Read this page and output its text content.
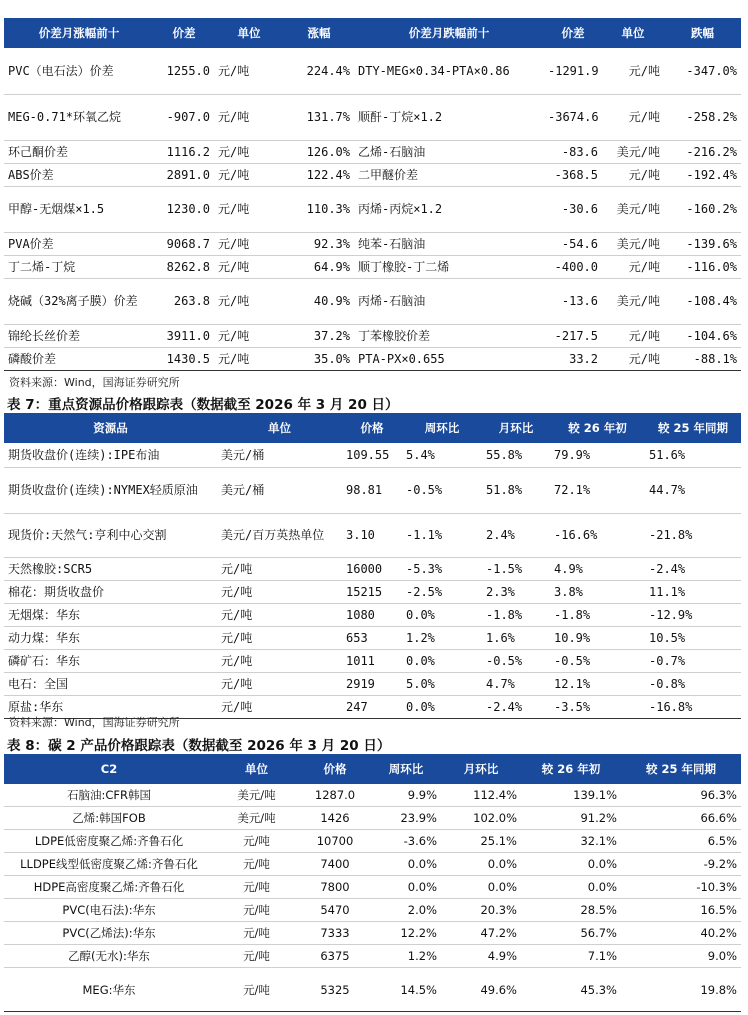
价差月涨幅前十	价差	单位	涨幅	价差月跌幅前十	价差	单位	跌幅
PVC（电石法）价差	1255.0	元/吨	224.4%	DTY-MEG×0.34-PTA×0.86	-1291.9	元/吨	-347.0%
MEG-0.71*环氧乙烷	-907.0	元/吨	131.7%	顺酐-丁烷×1.2	-3674.6	元/吨	-258.2%
环己酮价差	1116.2	元/吨	126.0%	乙烯-石脑油	-83.6	美元/吨	-216.2%
ABS价差	2891.0	元/吨	122.4%	二甲醚价差	-368.5	元/吨	-192.4%
甲醇-无烟煤×1.5	1230.0	元/吨	110.3%	丙烯-丙烷×1.2	-30.6	美元/吨	-160.2%
PVA价差	9068.7	元/吨	92.3%	纯苯-石脑油	-54.6	美元/吨	-139.6%
丁二烯-丁烷	8262.8	元/吨	64.9%	顺丁橡胶-丁二烯	-400.0	元/吨	-116.0%
烧碱（32%离子膜）价差	263.8	元/吨	40.9%	丙烯-石脑油	-13.6	美元/吨	-108.4%
锦纶长丝价差	3911.0	元/吨	37.2%	丁苯橡胶价差	-217.5	元/吨	-104.6%
磷酸价差	1430.5	元/吨	35.0%	PTA-PX×0.655	33.2	元/吨	-88.1%
资料来源：Wind，国海证券研究所
表 7：重点资源品价格跟踪表（数据截至 2026 年 3 月 20 日）
资源品	单位	价格	周环比	月环比	较 26 年初	较 25 年同期
期货收盘价(连续):IPE布油	美元/桶	109.55	5.4%	55.8%	79.9%	51.6%
期货收盘价(连续):NYMEX轻质原油	美元/桶	98.81	-0.5%	51.8%	72.1%	44.7%
现货价:天然气:亨利中心交割	美元/百万英热单位	3.10	-1.1%	2.4%	-16.6%	-21.8%
天然橡胶:SCR5	元/吨	16000	-5.3%	-1.5%	4.9%	-2.4%
棉花：期货收盘价	元/吨	15215	-2.5%	2.3%	3.8%	11.1%
无烟煤：华东	元/吨	1080	0.0%	-1.8%	-1.8%	-12.9%
动力煤：华东	元/吨	653	1.2%	1.6%	10.9%	10.5%
磷矿石：华东	元/吨	1011	0.0%	-0.5%	-0.5%	-0.7%
电石：全国	元/吨	2919	5.0%	4.7%	12.1%	-0.8%
原盐:华东	元/吨	247	0.0%	-2.4%	-3.5%	-16.8%
资料来源：Wind，国海证券研究所
表 8：碳 2 产品价格跟踪表（数据截至 2026 年 3 月 20 日）
C2	单位	价格	周环比	月环比	较 26 年初	较 25 年同期
石脑油:CFR韩国	美元/吨	1287.0	9.9%	112.4%	139.1%	96.3%
乙烯:韩国FOB	美元/吨	1426	23.9%	102.0%	91.2%	66.6%
LDPE低密度聚乙烯:齐鲁石化	元/吨	10700	-3.6%	25.1%	32.1%	6.5%
LLDPE线型低密度聚乙烯:齐鲁石化	元/吨	7400	0.0%	0.0%	0.0%	-9.2%
HDPE高密度聚乙烯:齐鲁石化	元/吨	7800	0.0%	0.0%	0.0%	-10.3%
PVC(电石法):华东	元/吨	5470	2.0%	20.3%	28.5%	16.5%
PVC(乙烯法):华东	元/吨	7333	12.2%	47.2%	56.7%	40.2%
乙醇(无水):华东	元/吨	6375	1.2%	4.9%	7.1%	9.0%
MEG:华东	元/吨	5325	14.5%	49.6%	45.3%	19.8%
